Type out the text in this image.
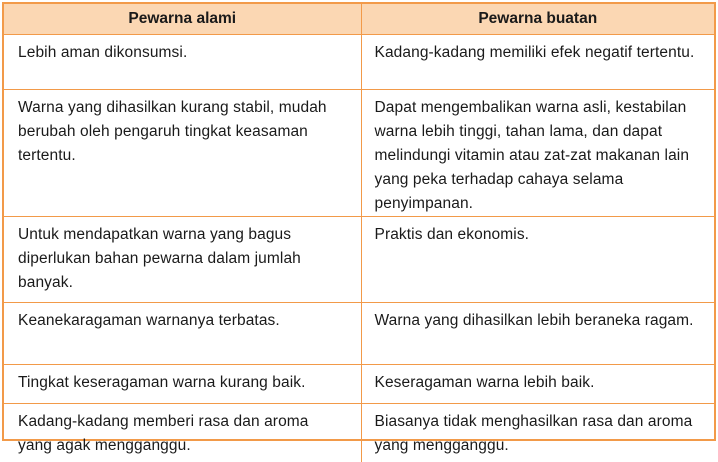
Pewarna alami	Pewarna buatan

Lebih aman dikonsumsi.	Kadang-kadang memiliki efek negatif tertentu.

Warna yang dihasilkan kurang stabil, mudah berubah oleh pengaruh tingkat keasaman tertentu.	Dapat mengembalikan warna asli, kestabilan warna lebih tinggi, tahan lama, dan dapat melindungi vitamin atau zat-zat makanan lain yang peka terhadap cahaya selama penyimpanan.

Untuk mendapatkan warna yang bagus diperlukan bahan pewarna dalam jumlah banyak.	Praktis dan ekonomis.

Keanekaragaman warnanya terbatas.	Warna yang dihasilkan lebih beraneka ragam.

Tingkat keseragaman warna kurang baik.	Keseragaman warna lebih baik.

Kadang-kadang memberi rasa dan aroma yang agak mengganggu.	Biasanya tidak menghasilkan rasa dan aroma yang mengganggu.
